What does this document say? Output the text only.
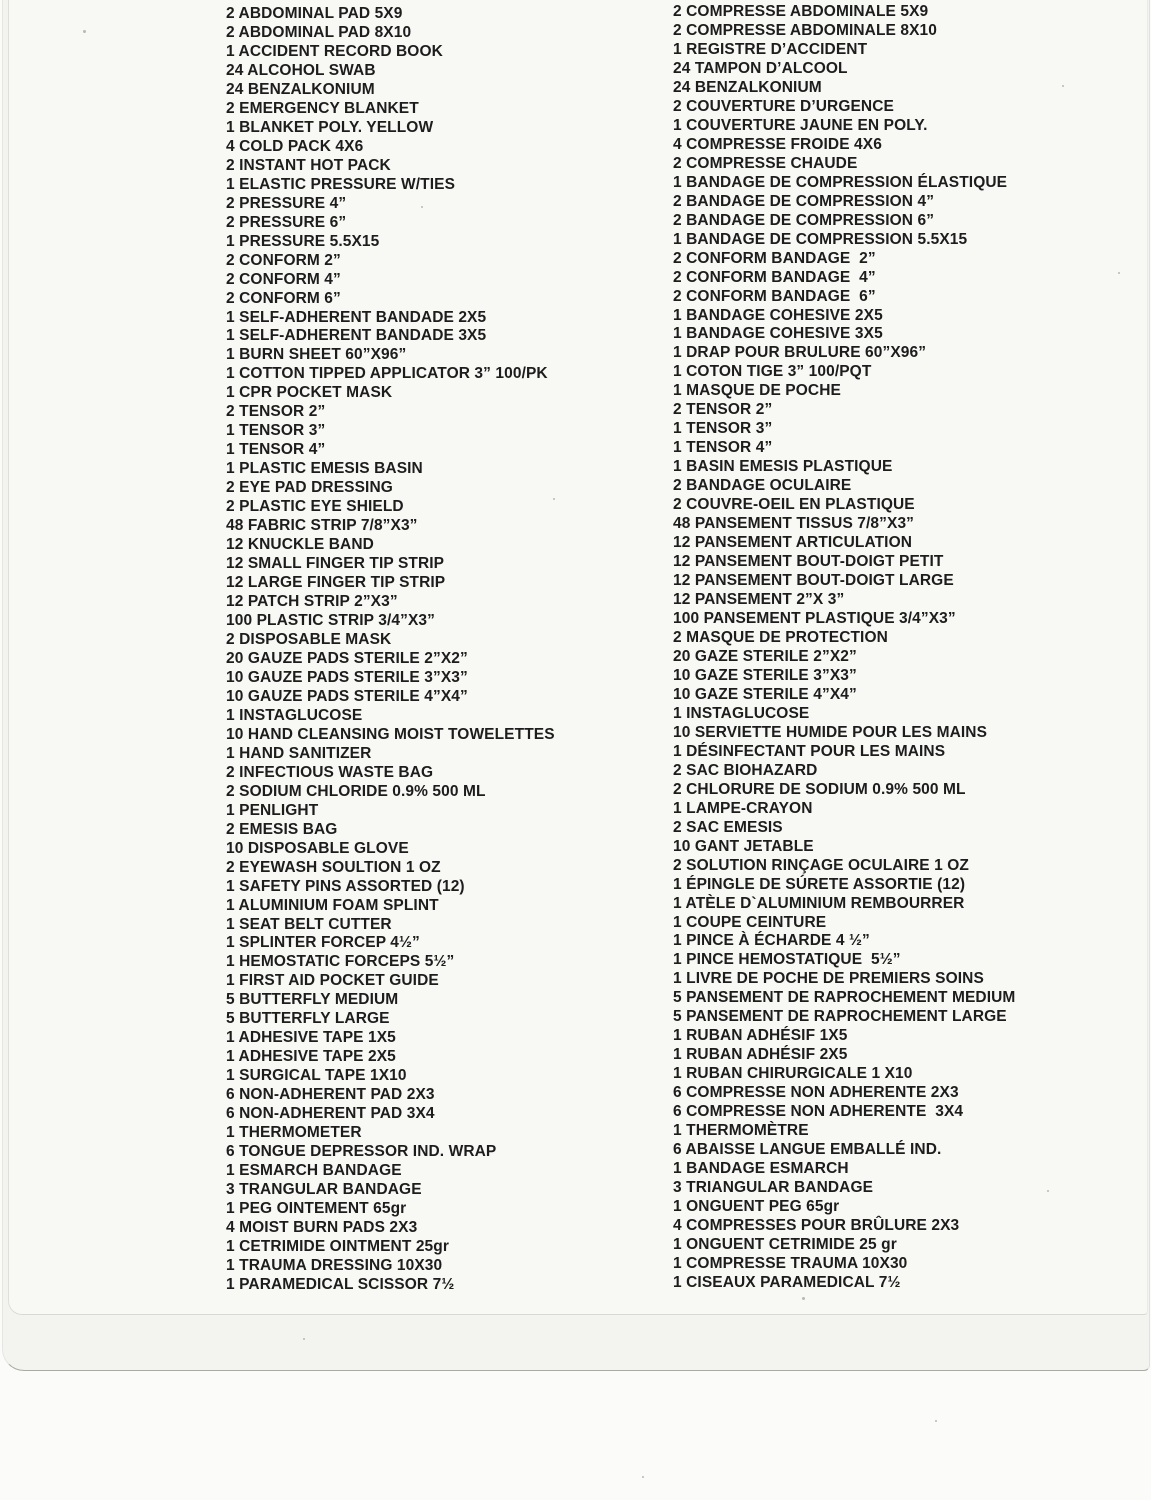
2 ABDOMINAL PAD 5X9
2 ABDOMINAL PAD 8X10
1 ACCIDENT RECORD BOOK
24 ALCOHOL SWAB
24 BENZALKONIUM
2 EMERGENCY BLANKET
1 BLANKET POLY. YELLOW
4 COLD PACK 4X6
2 INSTANT HOT PACK
1 ELASTIC PRESSURE W/TIES
2 PRESSURE 4”
2 PRESSURE 6”
1 PRESSURE 5.5X15
2 CONFORM 2”
2 CONFORM 4”
2 CONFORM 6”
1 SELF-ADHERENT BANDADE 2X5
1 SELF-ADHERENT BANDADE 3X5
1 BURN SHEET 60”X96”
1 COTTON TIPPED APPLICATOR 3” 100/PK
1 CPR POCKET MASK
2 TENSOR 2”
1 TENSOR 3”
1 TENSOR 4”
1 PLASTIC EMESIS BASIN
2 EYE PAD DRESSING
2 PLASTIC EYE SHIELD
48 FABRIC STRIP 7/8”X3”
12 KNUCKLE BAND
12 SMALL FINGER TIP STRIP
12 LARGE FINGER TIP STRIP
12 PATCH STRIP 2”X3”
100 PLASTIC STRIP 3/4”X3”
2 DISPOSABLE MASK
20 GAUZE PADS STERILE 2”X2”
10 GAUZE PADS STERILE 3”X3”
10 GAUZE PADS STERILE 4”X4”
1 INSTAGLUCOSE
10 HAND CLEANSING MOIST TOWELETTES
1 HAND SANITIZER
2 INFECTIOUS WASTE BAG
2 SODIUM CHLORIDE 0.9% 500 ML
1 PENLIGHT
2 EMESIS BAG
10 DISPOSABLE GLOVE
2 EYEWASH SOULTION 1 OZ
1 SAFETY PINS ASSORTED (12)
1 ALUMINIUM FOAM SPLINT
1 SEAT BELT CUTTER
1 SPLINTER FORCEP 4½”
1 HEMOSTATIC FORCEPS 5½”
1 FIRST AID POCKET GUIDE
5 BUTTERFLY MEDIUM
5 BUTTERFLY LARGE
1 ADHESIVE TAPE 1X5
1 ADHESIVE TAPE 2X5
1 SURGICAL TAPE 1X10
6 NON-ADHERENT PAD 2X3
6 NON-ADHERENT PAD 3X4
1 THERMOMETER
6 TONGUE DEPRESSOR IND. WRAP
1 ESMARCH BANDAGE
3 TRANGULAR BANDAGE
1 PEG OINTEMENT 65gr
4 MOIST BURN PADS 2X3
1 CETRIMIDE OINTMENT 25gr
1 TRAUMA DRESSING 10X30
1 PARAMEDICAL SCISSOR 7½
2 COMPRESSE ABDOMINALE 5X9
2 COMPRESSE ABDOMINALE 8X10
1 REGISTRE D’ACCIDENT
24 TAMPON D’ALCOOL
24 BENZALKONIUM
2 COUVERTURE D’URGENCE
1 COUVERTURE JAUNE EN POLY.
4 COMPRESSE FROIDE 4X6
2 COMPRESSE CHAUDE
1 BANDAGE DE COMPRESSION ÉLASTIQUE
2 BANDAGE DE COMPRESSION 4”
2 BANDAGE DE COMPRESSION 6”
1 BANDAGE DE COMPRESSION 5.5X15
2 CONFORM BANDAGE  2”
2 CONFORM BANDAGE  4”
2 CONFORM BANDAGE  6”
1 BANDAGE COHESIVE 2X5
1 BANDAGE COHESIVE 3X5
1 DRAP POUR BRULURE 60”X96”
1 COTON TIGE 3” 100/PQT
1 MASQUE DE POCHE
2 TENSOR 2”
1 TENSOR 3”
1 TENSOR 4”
1 BASIN EMESIS PLASTIQUE
2 BANDAGE OCULAIRE
2 COUVRE-OEIL EN PLASTIQUE
48 PANSEMENT TISSUS 7/8”X3”
12 PANSEMENT ARTICULATION
12 PANSEMENT BOUT-DOIGT PETIT
12 PANSEMENT BOUT-DOIGT LARGE
12 PANSEMENT 2”X 3”
100 PANSEMENT PLASTIQUE 3/4”X3”
2 MASQUE DE PROTECTION
20 GAZE STERILE 2”X2”
10 GAZE STERILE 3”X3”
10 GAZE STERILE 4”X4”
1 INSTAGLUCOSE
10 SERVIETTE HUMIDE POUR LES MAINS
1 DÉSINFECTANT POUR LES MAINS
2 SAC BIOHAZARD
2 CHLORURE DE SODIUM 0.9% 500 ML
1 LAMPE-CRAYON
2 SAC EMESIS
10 GANT JETABLE
2 SOLUTION RINÇAGE OCULAIRE 1 OZ
1 ÉPINGLE DE SÚRETE ASSORTIE (12)
1 ATÈLE D`ALUMINIUM REMBOURRER
1 COUPE CEINTURE
1 PINCE À ÉCHARDE 4 ½”
1 PINCE HEMOSTATIQUE  5½”
1 LIVRE DE POCHE DE PREMIERS SOINS
5 PANSEMENT DE RAPROCHEMENT MEDIUM
5 PANSEMENT DE RAPROCHEMENT LARGE
1 RUBAN ADHÉSIF 1X5
1 RUBAN ADHÉSIF 2X5
1 RUBAN CHIRURGICALE 1 X10
6 COMPRESSE NON ADHERENTE 2X3
6 COMPRESSE NON ADHERENTE  3X4
1 THERMOMÈTRE
6 ABAISSE LANGUE EMBALLÉ IND.
1 BANDAGE ESMARCH
3 TRIANGULAR BANDAGE
1 ONGUENT PEG 65gr
4 COMPRESSES POUR BRÛLURE 2X3
1 ONGUENT CETRIMIDE 25 gr
1 COMPRESSE TRAUMA 10X30
1 CISEAUX PARAMEDICAL 7½
